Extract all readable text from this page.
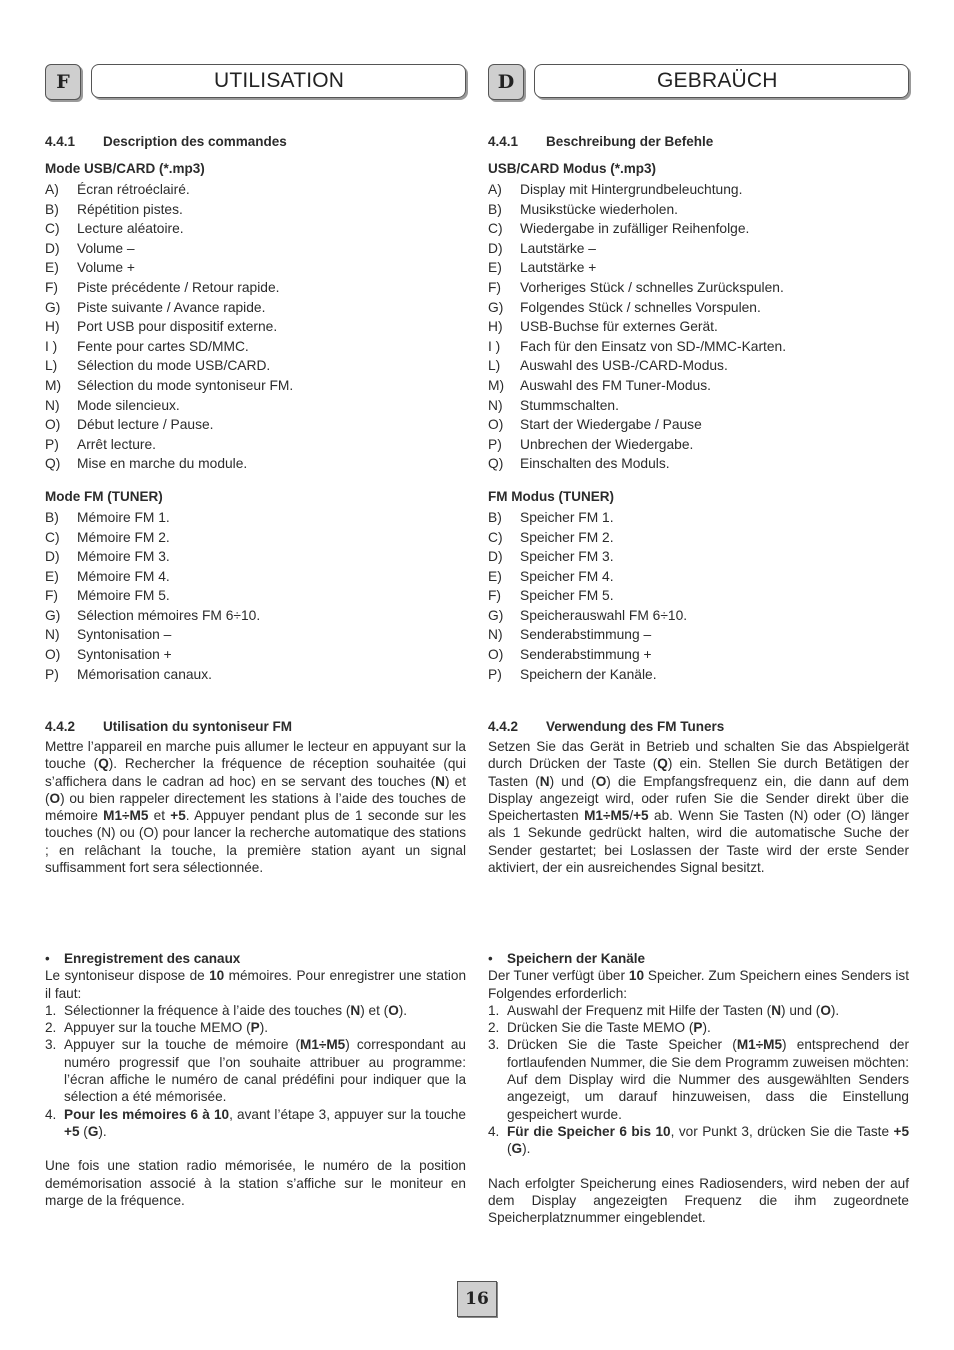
F	UTILISATION
4.4.1 Description des commandes
Mode USB/CARD (*.mp3)
A) Écran rétroéclairé.
B) Répétition pistes.
C) Lecture aléatoire.
D) Volume –
E) Volume +
F) Piste précédente / Retour rapide.
G) Piste suivante / Avance rapide.
H) Port USB pour dispositif externe.
I ) Fente pour cartes SD/MMC.
L) Sélection du mode USB/CARD.
M) Sélection du mode syntoniseur FM.
N) Mode silencieux.
O) Début lecture / Pause.
P) Arrêt lecture.
Q) Mise en marche du module.
Mode FM (TUNER)
B) Mémoire FM 1.
C) Mémoire FM 2.
D) Mémoire FM 3.
E) Mémoire FM 4.
F) Mémoire FM 5.
G) Sélection mémoires FM 6÷10.
N) Syntonisation –
O) Syntonisation +
P) Mémorisation canaux.
4.4.2 Utilisation du syntoniseur FM

Mettre l’appareil en marche puis allumer le lecteur en appuyant sur la touche (Q). Rechercher la fréquence de réception souhaitée (qui s’affichera dans le cadran ad hoc) en se servant des touches (N) et (O) ou bien rappeler directement les stations à l’aide des touches de mémoire M1÷M5 et +5. Appuyer pendant plus de 1 seconde sur les touches (N) ou (O) pour lancer la recherche automatique des stations ; en relâchant la touche, la première station ayant un signal suffisamment fort sera sélectionnée.

• Enregistrement des canaux

Le syntoniseur dispose de 10 mémoires. Pour enregistrer une station il faut:

1. Sélectionner la fréquence à l’aide des touches (N) et (O).
2. Appuyer sur la touche MEMO (P).
3. Appuyer sur la touche de mémoire (M1÷M5) correspondant au numéro progressif que l’on souhaite attribuer au programme: l’écran affiche le numéro de canal prédéfini pour indiquer que la sélection a été mémorisée.
4. Pour les mémoires 6 à 10, avant l’étape 3, appuyer sur la touche +5 (G).

Une fois une station radio mémorisée, le numéro de la position demémorisation associé à la station s’affiche sur le moniteur en marge de la fréquence.

D	GEBRAÜCH
4.4.1 Beschreibung der Befehle
USB/CARD Modus (*.mp3)
A) Display mit Hintergrundbeleuchtung.
B) Musikstücke wiederholen.
C) Wiedergabe in zufälliger Reihenfolge.
D) Lautstärke –
E) Lautstärke +
F) Vorheriges Stück / schnelles Zurückspulen.
G) Folgendes Stück / schnelles Vorspulen.
H) USB-Buchse für externes Gerät.
I ) Fach für den Einsatz von SD-/MMC-Karten.
L) Auswahl des USB-/CARD-Modus.
M) Auswahl des FM Tuner-Modus.
N) Stummschalten.
O) Start der Wiedergabe / Pause
P) Unbrechen der Wiedergabe.
Q) Einschalten des Moduls.
FM Modus (TUNER)
B) Speicher FM 1.
C) Speicher FM 2.
D) Speicher FM 3.
E) Speicher FM 4.
F) Speicher FM 5.
G) Speicherauswahl FM 6÷10.
N) Senderabstimmung –
O) Senderabstimmung +
P) Speichern der Kanäle.
4.4.2 Verwendung des FM Tuners

Setzen Sie das Gerät in Betrieb und schalten Sie das Abspielgerät durch Drücken der Taste (Q) ein. Stellen Sie durch Betätigen der Tasten (N) und (O) die Empfangsfrequenz ein, die dann auf dem Display angezeigt wird, oder rufen Sie die Sender direkt über die Speichertasten M1÷M5/+5 ab. Wenn Sie Tasten (N) oder (O) länger als 1 Sekunde gedrückt halten, wird die automatische Suche der Sender gestartet; bei Loslassen der Taste wird der erste Sender aktiviert, der ein ausreichendes Signal besitzt.

• Speichern der Kanäle

Der Tuner verfügt über 10 Speicher. Zum Speichern eines Senders ist Folgendes erforderlich:

1. Auswahl der Frequenz mit Hilfe der Tasten (N) und (O).
2. Drücken Sie die Taste MEMO (P).
3. Drücken Sie die Taste Speicher (M1÷M5) entsprechend der fortlaufenden Nummer, die Sie dem Programm zuweisen möchten: Auf dem Display wird die Nummer des ausgewählten Senders angezeigt, um darauf hinzuweisen, dass die Einstellung gespeichert wurde.
4. Für die Speicher 6 bis 10, vor Punkt 3, drücken Sie die Taste +5 (G).

Nach erfolgter Speicherung eines Radiosenders, wird neben der auf dem Display angezeigten Frequenz die ihm zugeordnete Speicherplatznummer eingeblendet.

16
